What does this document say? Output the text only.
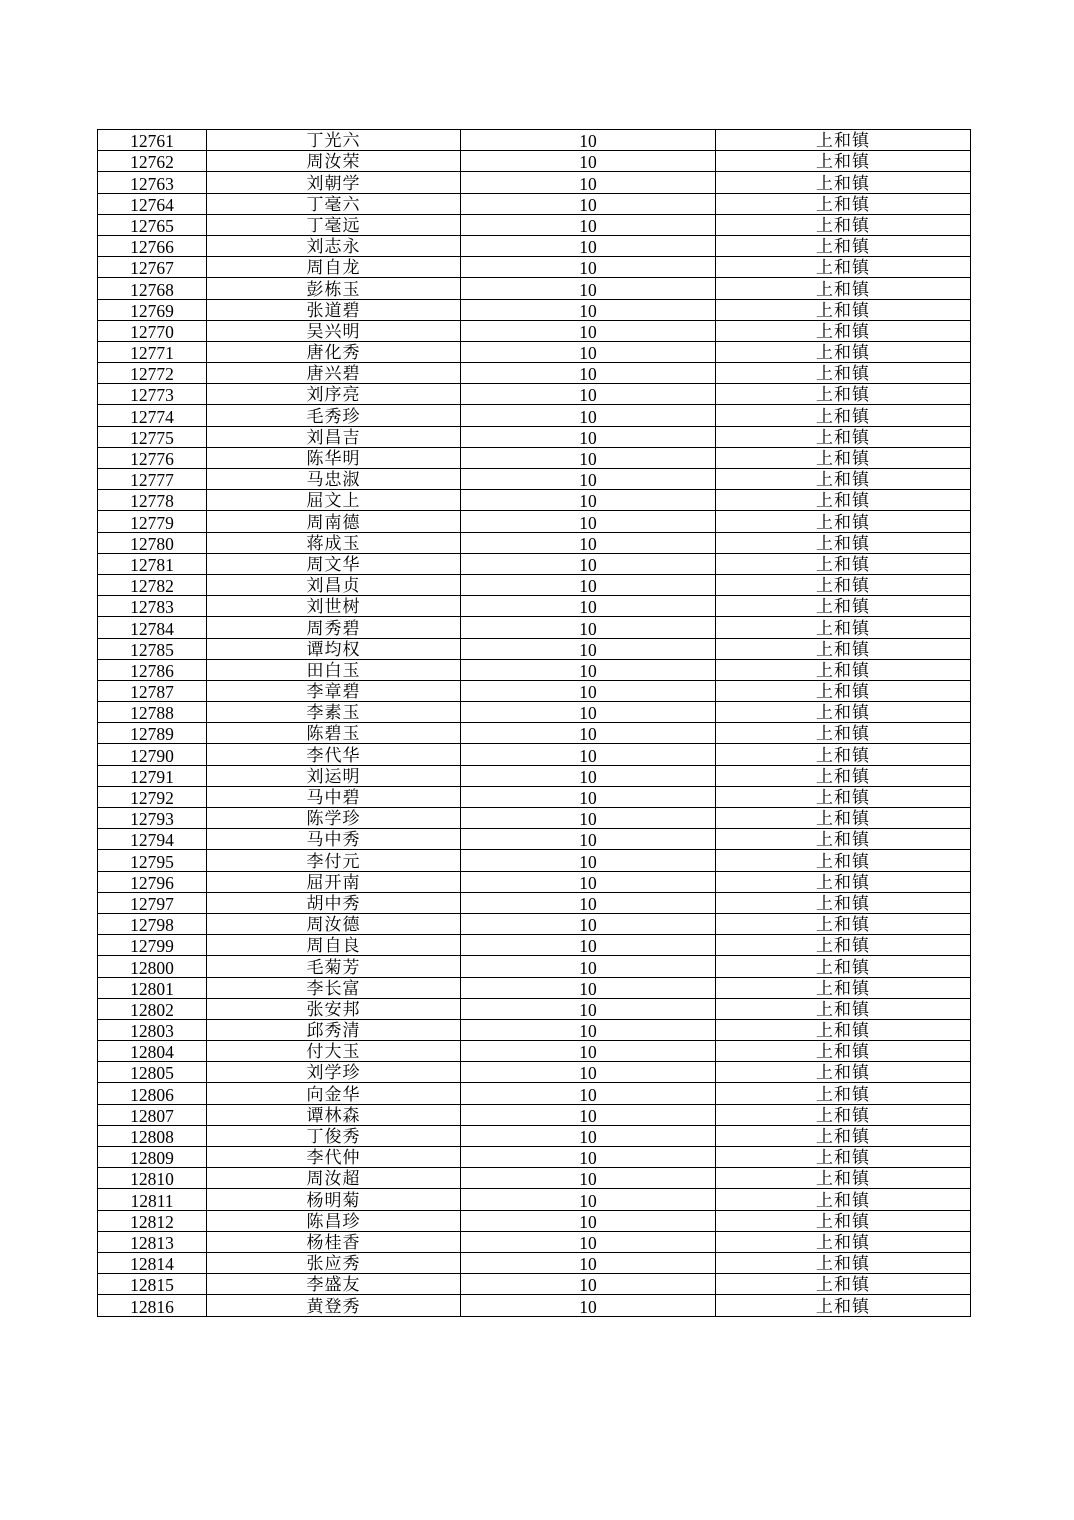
12761	丁光六	10	上和镇
12762	周汝荣	10	上和镇
12763	刘朝学	10	上和镇
12764	丁毫六	10	上和镇
12765	丁毫远	10	上和镇
12766	刘志永	10	上和镇
12767	周自龙	10	上和镇
12768	彭栋玉	10	上和镇
12769	张道碧	10	上和镇
12770	吴兴明	10	上和镇
12771	唐化秀	10	上和镇
12772	唐兴碧	10	上和镇
12773	刘序亮	10	上和镇
12774	毛秀珍	10	上和镇
12775	刘昌吉	10	上和镇
12776	陈华明	10	上和镇
12777	马忠淑	10	上和镇
12778	屈文上	10	上和镇
12779	周南德	10	上和镇
12780	蒋成玉	10	上和镇
12781	周文华	10	上和镇
12782	刘昌贞	10	上和镇
12783	刘世树	10	上和镇
12784	周秀碧	10	上和镇
12785	谭均权	10	上和镇
12786	田白玉	10	上和镇
12787	李章碧	10	上和镇
12788	李素玉	10	上和镇
12789	陈碧玉	10	上和镇
12790	李代华	10	上和镇
12791	刘运明	10	上和镇
12792	马中碧	10	上和镇
12793	陈学珍	10	上和镇
12794	马中秀	10	上和镇
12795	李付元	10	上和镇
12796	屈开南	10	上和镇
12797	胡中秀	10	上和镇
12798	周汝德	10	上和镇
12799	周自良	10	上和镇
12800	毛菊芳	10	上和镇
12801	李长富	10	上和镇
12802	张安邦	10	上和镇
12803	邱秀清	10	上和镇
12804	付大玉	10	上和镇
12805	刘学珍	10	上和镇
12806	向金华	10	上和镇
12807	谭林森	10	上和镇
12808	丁俊秀	10	上和镇
12809	李代仲	10	上和镇
12810	周汝超	10	上和镇
12811	杨明菊	10	上和镇
12812	陈昌珍	10	上和镇
12813	杨桂香	10	上和镇
12814	张应秀	10	上和镇
12815	李盛友	10	上和镇
12816	黄登秀	10	上和镇
